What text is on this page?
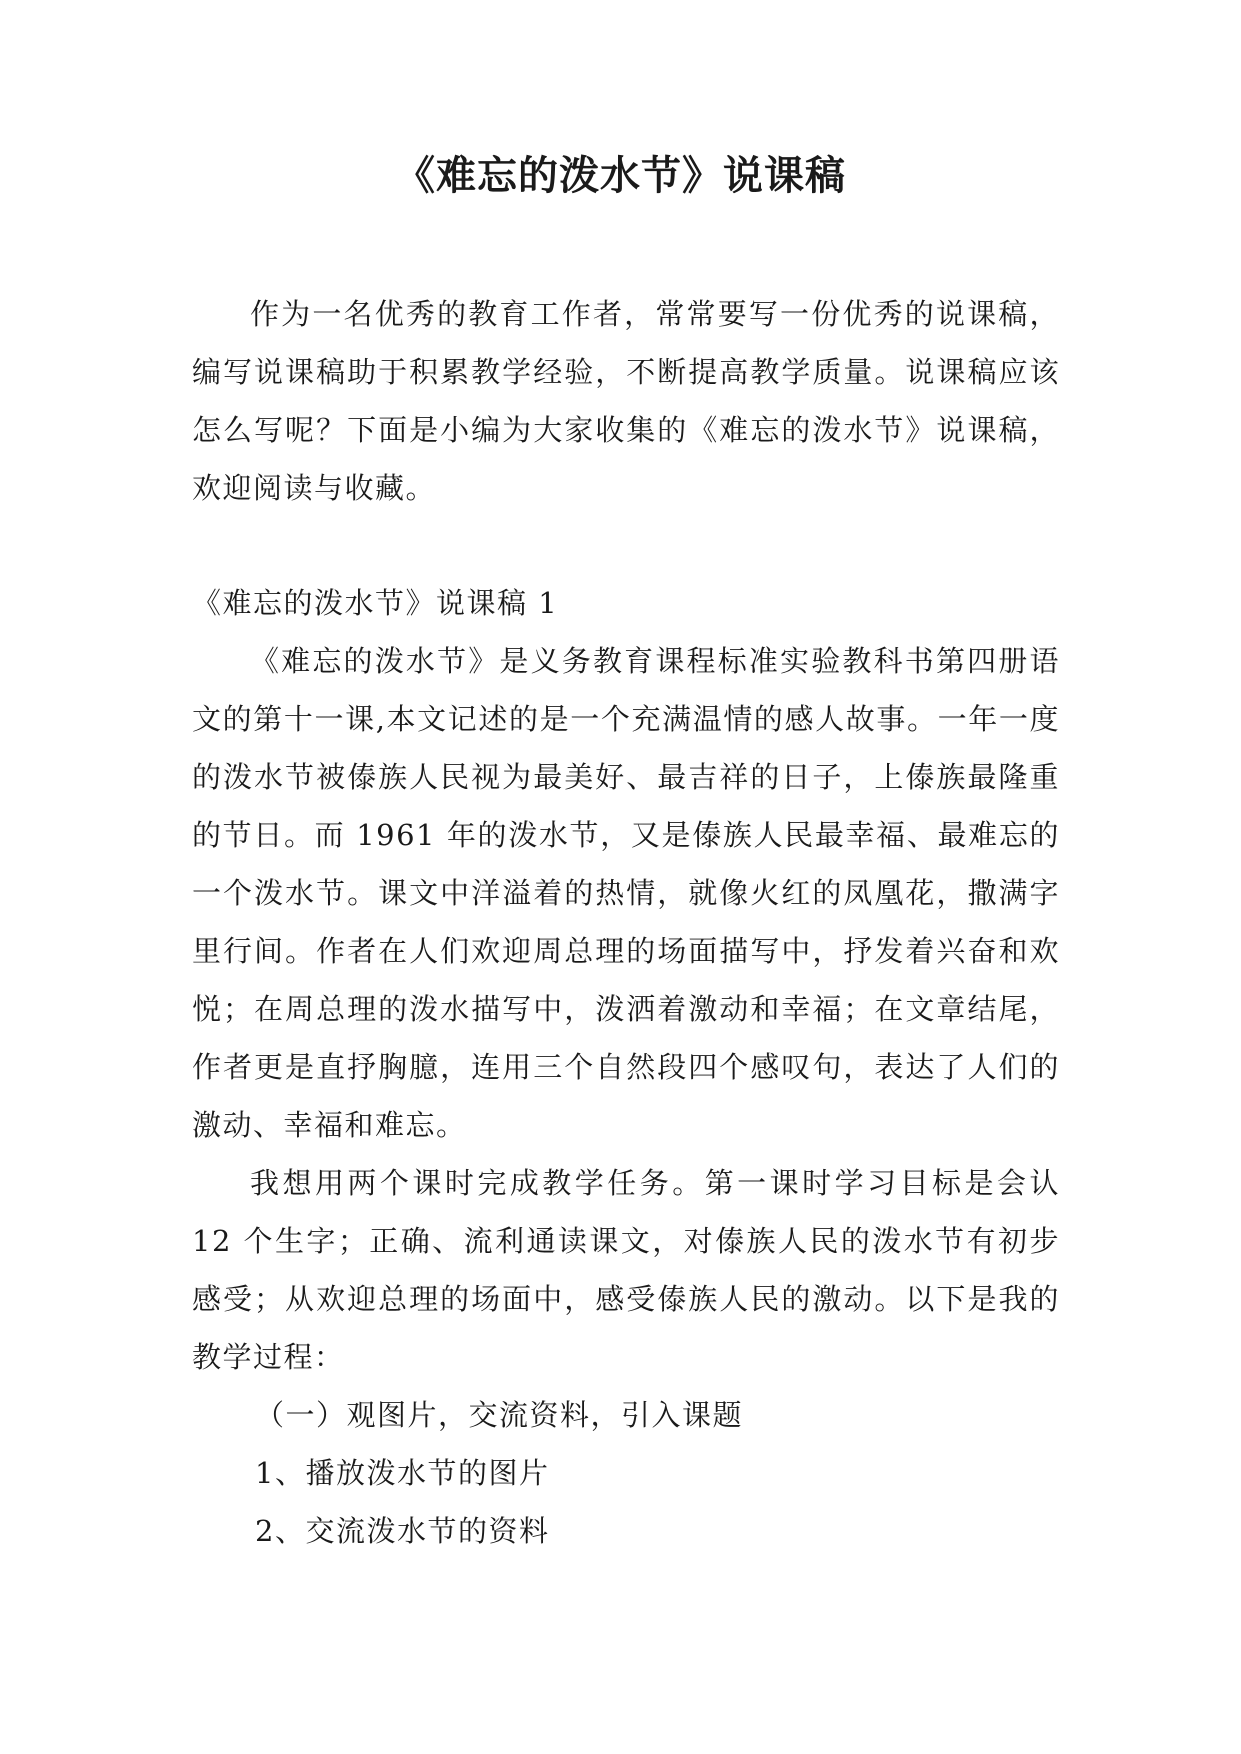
《难忘的泼水节》说课稿

作为一名优秀的教育工作者，常常要写一份优秀的说课稿，编写说课稿助于积累教学经验，不断提高教学质量。说课稿应该怎么写呢？下面是小编为大家收集的《难忘的泼水节》说课稿，欢迎阅读与收藏。

《难忘的泼水节》说课稿 1

《难忘的泼水节》是义务教育课程标准实验教科书第四册语文的第十一课,本文记述的是一个充满温情的感人故事。一年一度的泼水节被傣族人民视为最美好、最吉祥的日子，上傣族最隆重的节日。而 1961 年的泼水节，又是傣族人民最幸福、最难忘的一个泼水节。课文中洋溢着的热情，就像火红的凤凰花，撒满字里行间。作者在人们欢迎周总理的场面描写中，抒发着兴奋和欢悦；在周总理的泼水描写中，泼洒着激动和幸福；在文章结尾，作者更是直抒胸臆，连用三个自然段四个感叹句，表达了人们的激动、幸福和难忘。

我想用两个课时完成教学任务。第一课时学习目标是会认 12 个生字；正确、流利通读课文，对傣族人民的泼水节有初步感受；从欢迎总理的场面中，感受傣族人民的激动。以下是我的教学过程：

（一）观图片，交流资料，引入课题

1、播放泼水节的图片

2、交流泼水节的资料
